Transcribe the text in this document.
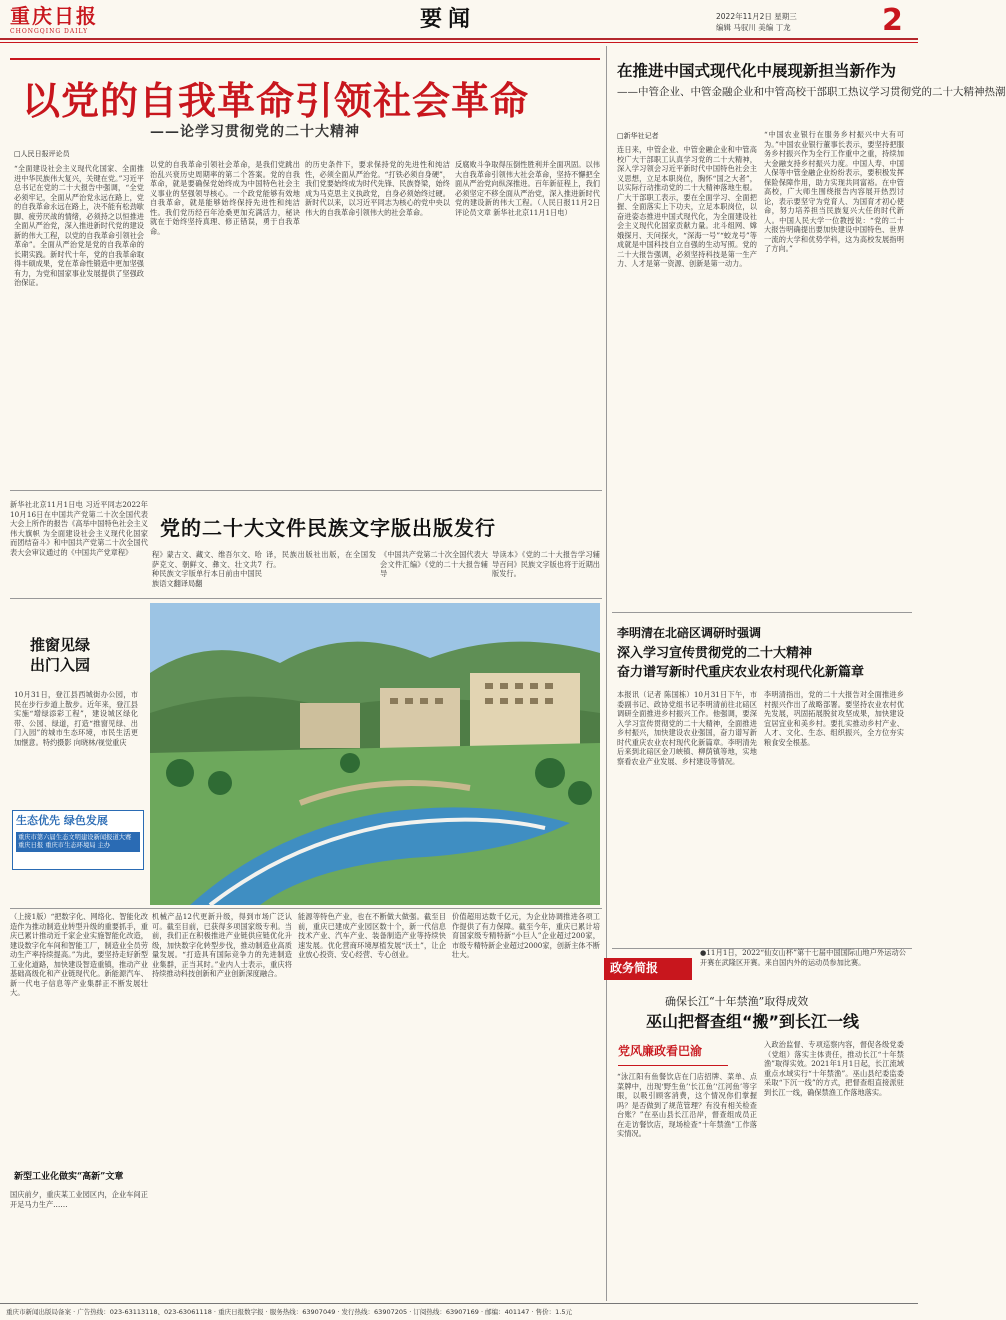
重庆日报
CHONGQING DAILY	要闻	2022年11月2日 星期三
编辑 马驭川 美编 丁龙	2
以党的自我革命引领社会革命
——论学习贯彻党的二十大精神
□人民日报评论员
“全面建设社会主义现代化国家、全面推进中华民族伟大复兴，关键在党。”习近平总书记在党的二十大报告中强调，“全党必须牢记，全面从严治党永远在路上，党的自我革命永远在路上，决不能有松劲歇脚、疲劳厌战的情绪，必须持之以恒推进全面从严治党，深入推进新时代党的建设新的伟大工程，以党的自我革命引领社会革命”。全面从严治党是党的自我革命的长期实践。新时代十年，党的自我革命取得丰硕成果，党在革命性锻造中更加坚强有力，为党和国家事业发展提供了坚强政治保证。
以党的自我革命引领社会革命，是我们党跳出治乱兴衰历史周期率的第二个答案。党的自我革命，就是要确保党始终成为中国特色社会主义事业的坚强领导核心。一个政党能够有效地自我革命，就是能够始终保持先进性和纯洁性。我们党历经百年沧桑更加充满活力，秘诀就在于始终坚持真理、修正错误，勇于自我革命。
的历史条件下，要求保持党的先进性和纯洁性，必须全面从严治党。“打铁必须自身硬”，我们党要始终成为时代先锋、民族脊梁，始终成为马克思主义执政党，自身必须始终过硬。新时代以来，以习近平同志为核心的党中央以伟大的自我革命引领伟大的社会革命。
反腐败斗争取得压倒性胜利并全面巩固。以伟大自我革命引领伟大社会革命，坚持不懈把全面从严治党向纵深推进。百年新征程上，我们必须坚定不移全面从严治党，深入推进新时代党的建设新的伟大工程。（人民日报11月2日评论员文章 新华社北京11月1日电）
在推进中国式现代化中展现新担当新作为
——中管企业、中管金融企业和中管高校干部职工热议学习贯彻党的二十大精神热潮
□新华社记者
连日来，中管企业、中管金融企业和中管高校广大干部职工认真学习党的二十大精神，深入学习领会习近平新时代中国特色社会主义思想，立足本职岗位，胸怀“国之大者”，以实际行动推动党的二十大精神落地生根。广大干部职工表示，要在全面学习、全面把握、全面落实上下功夫，立足本职岗位，以奋进姿态推进中国式现代化，为全面建设社会主义现代化国家贡献力量。北斗组网、嫦娥探月、天问探火，“深海一号”“蛟龙号”等成就是中国科技自立自强的生动写照。党的二十大报告强调，必须坚持科技是第一生产力、人才是第一资源、创新是第一动力。
“中国农业银行在服务乡村振兴中大有可为。”中国农业银行董事长表示，要坚持把服务乡村振兴作为全行工作重中之重，持续加大金融支持乡村振兴力度。中国人寿、中国人保等中管金融企业纷纷表示，要积极发挥保险保障作用，助力实现共同富裕。在中管高校，广大师生围绕报告内容展开热烈讨论，表示要坚守为党育人、为国育才初心使命，努力培养担当民族复兴大任的时代新人。中国人民大学一位教授说：“党的二十大报告明确提出要加快建设中国特色、世界一流的大学和优势学科，这为高校发展指明了方向。”
新华社北京11月1日电 习近平同志2022年10月16日在中国共产党第二十次全国代表大会上所作的报告《高举中国特色社会主义伟大旗帜 为全面建设社会主义现代化国家而团结奋斗》和中国共产党第二十次全国代表大会审议通过的《中国共产党章程》
党的二十大文件民族文字版出版发行
程》蒙古文、藏文、维吾尔文、哈萨克文、朝鲜文、彝文、壮文共7种民族文字版单行本日前由中国民族语文翻译局翻
译，民族出版社出版，在全国发行。
《中国共产党第二十次全国代表大会文件汇编》《党的二十大报告辅导
导读本》《党的二十大报告学习辅导百问》民族文字版也将于近期出版发行。
推窗见绿
出门入园
10月31日，登江县西城街办公园，市民在步行步道上散步。近年来，登江县实施“增绿添彩工程”，建设城区绿化带、公园、绿道，打造“推窗见绿、出门入园”的城市生态环境，市民生活更加惬意。特约摄影 向晓林/视觉重庆
生态优先 绿色发展
重庆市第六届生态文明建设新闻报道大赛 重庆日报 重庆市生态环境局 主办
（上接1版）“把数字化、网络化、智能化改造作为推动制造业转型升级的重要抓手，重庆已累计推动近千家企业实施智能化改造，建设数字化车间和智能工厂，制造业全员劳动生产率持续提高。”为此，要坚持走好新型工业化道路，加快建设智造重镇，推动产业基础高级化和产业链现代化。新能源汽车、新一代电子信息等产业集群正不断发展壮大。
新型工业化做实“高新”文章
国庆前夕，重庆某工业园区内，企业车间正开足马力生产……
机械产品12代更新升级，得到市场广泛认可。截至目前，已获得多项国家级专利。当前，我们正在积极推进产业链供应链优化升级，加快数字化转型步伐，推动制造业高质量发展。“打造具有国际竞争力的先进制造业集群，正当其时。”业内人士表示，重庆将持续推动科技创新和产业创新深度融合。
能源等特色产业，也在不断做大做强。截至目前，重庆已建成产业园区数十个，新一代信息技术产业、汽车产业、装备制造产业等持续快速发展。优化营商环境厚植发展“沃土”，让企业放心投资、安心经营、专心创业。
价值超用达数千亿元，为企业协调推进各项工作提供了有力保障。截至今年，重庆已累计培育国家级专精特新“小巨人”企业超过200家，市级专精特新企业超过2000家，创新主体不断壮大。
李明清在北碚区调研时强调
深入学习宣传贯彻党的二十大精神
奋力谱写新时代重庆农业农村现代化新篇章
本报讯（记者 陈国栋）10月31日下午，市委副书记、政协党组书记李明清前往北碚区调研全面推进乡村振兴工作。他强调，要深入学习宣传贯彻党的二十大精神，全面推进乡村振兴，加快建设农业强国，奋力谱写新时代重庆农业农村现代化新篇章。李明清先后来到北碚区金刀峡镇、柳荫镇等地，实地察看农业产业发展、乡村建设等情况。
李明清指出，党的二十大报告对全面推进乡村振兴作出了战略部署。要坚持农业农村优先发展，巩固拓展脱贫攻坚成果，加快建设宜居宜业和美乡村。要扎实推动乡村产业、人才、文化、生态、组织振兴，全方位夯实粮食安全根基。
政务简报
●11月1日，2022“仙女山杯”第十七届中国国际山地户外运动公开赛在武隆区开赛。来自国内外的运动员参加比赛。
确保长江“十年禁渔”取得成效
巫山把督查组“搬”到长江一线
党风廉政看巴渝
“泳江阳有鱼餐饮店在门店招牌、菜单、点菜牌中，出现‘野生鱼’‘长江鱼’‘江河鱼’等字眼，以吸引顾客消费，这个情况你们掌握吗？是否做到了规范管理？有没有相关检查台账？”在巫山县长江沿岸，督查组成员正在走访餐饮店，现场检查“十年禁渔”工作落实情况。
入政治监督、专项巡察内容，督促各级党委（党组）落实主体责任，推动长江“十年禁渔”取得实效。2021年1月1日起，长江流域重点水域实行“十年禁渔”。巫山县纪委监委采取“下沉一线”的方式，把督查组直接派驻到长江一线，确保禁渔工作落地落实。
重庆市新闻出版局备案 · 广告热线：023-63113118、023-63061118 · 重庆日报数字报 · 服务热线：63907049 · 发行热线：63907205 · 订阅热线：63907169 · 邮编：401147 · 售价：1.5元
